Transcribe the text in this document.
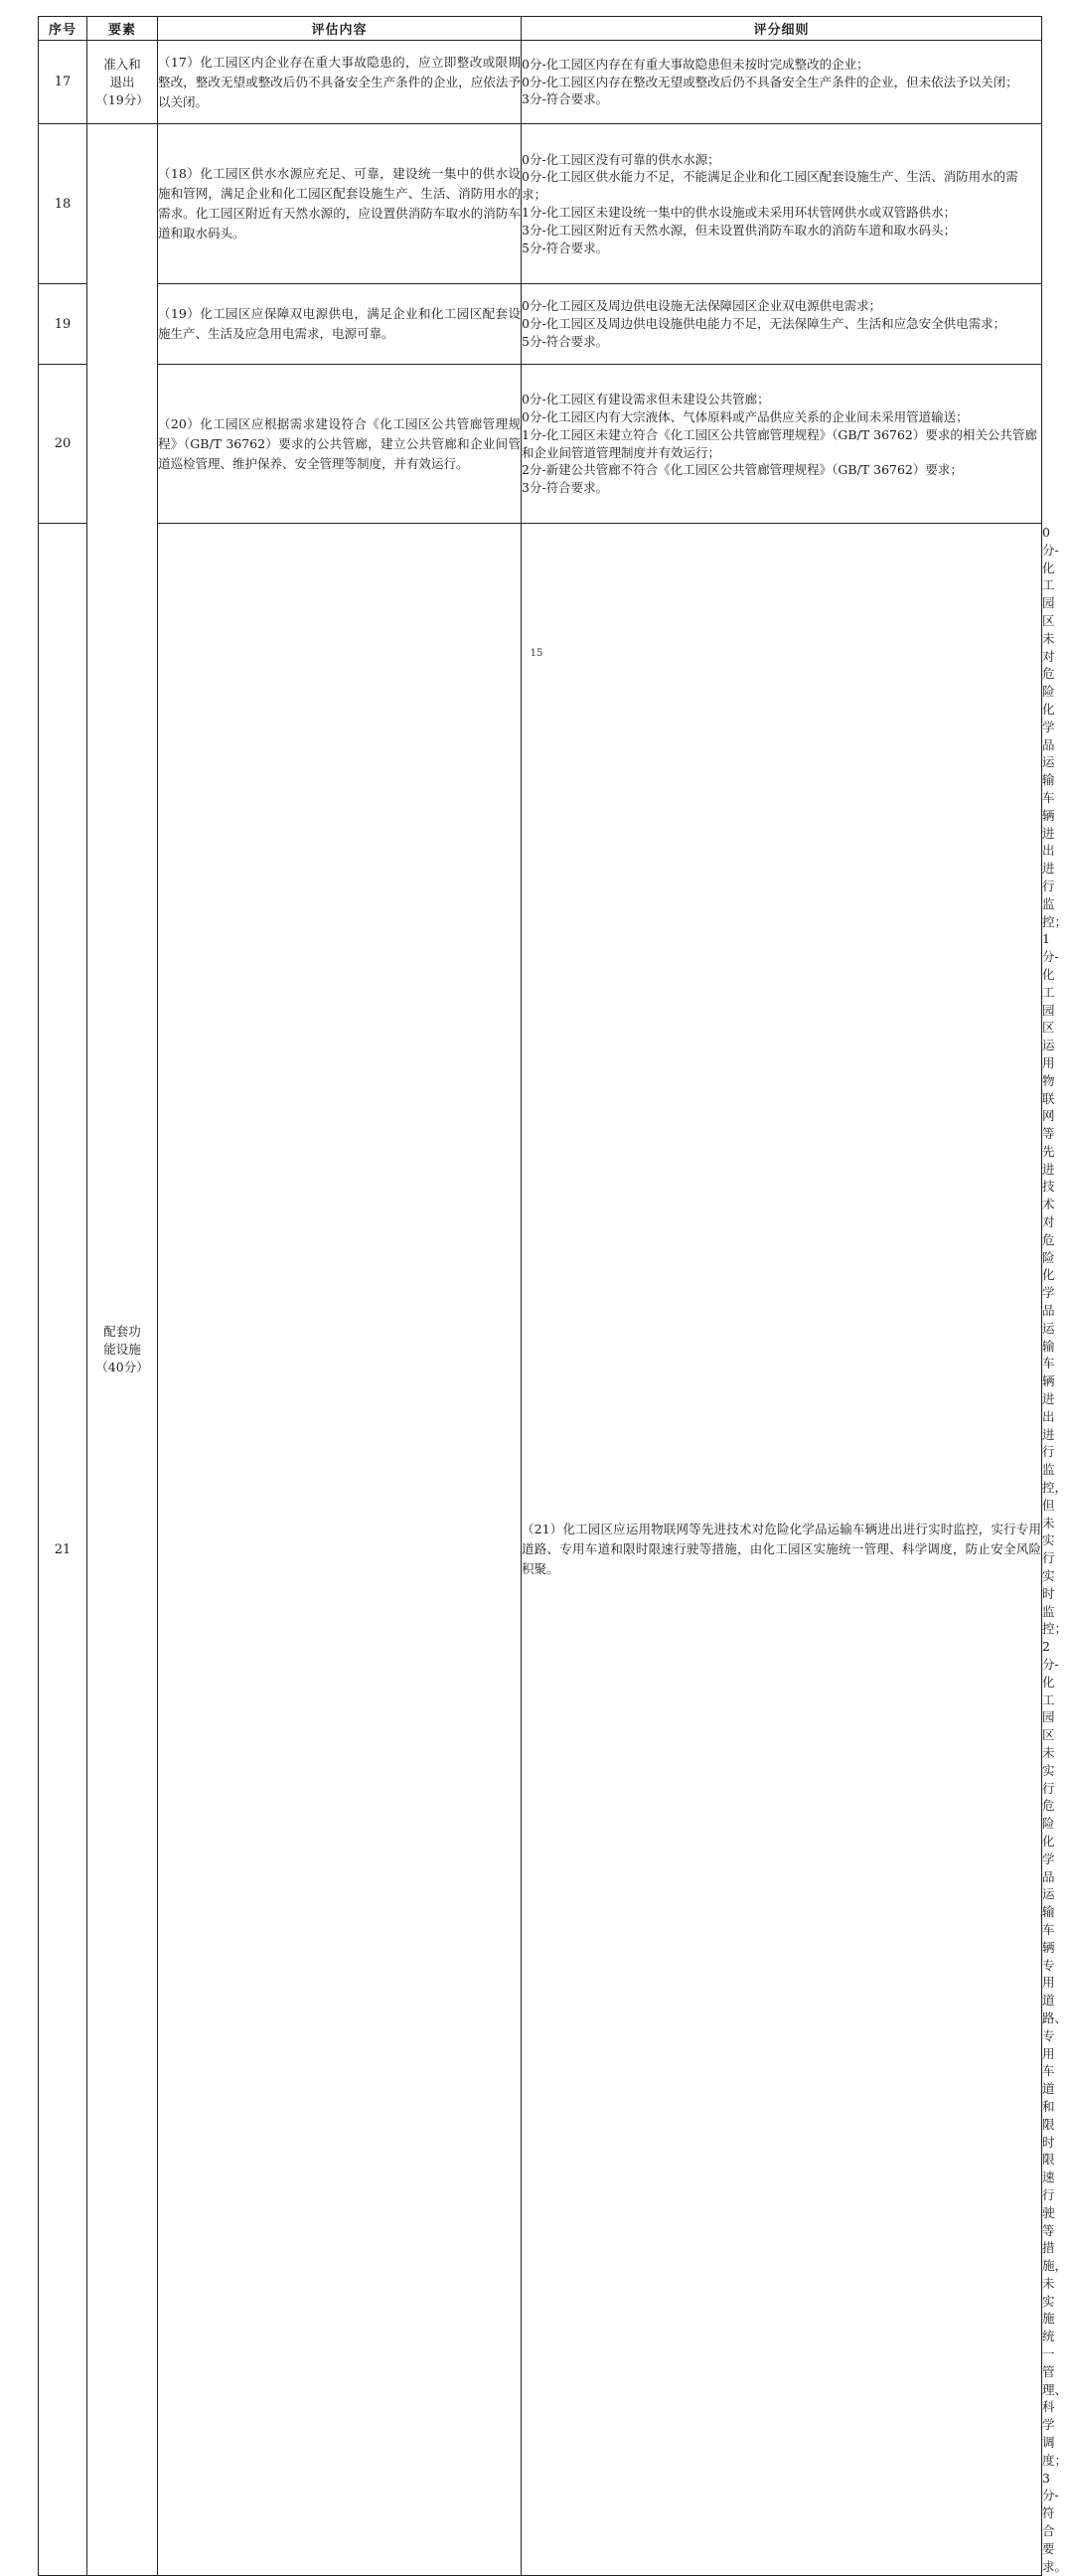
序号	要素	评估内容	评分细则	
17	准入和
退出
（19分）	（17）化工园区内企业存在重大事故隐患的，应立即整改或限期整改，整改无望或整改后仍不具备安全生产条件的企业，应依法予以关闭。	0分-化工园区内存在有重大事故隐患但未按时完成整改的企业；
0分-化工园区内存在整改无望或整改后仍不具备安全生产条件的企业，但未依法予以关闭；
3分-符合要求。	

18	配套功
能设施
（40分）	（18）化工园区供水水源应充足、可靠，建设统一集中的供水设施和管网，满足企业和化工园区配套设施生产、生活、消防用水的需求。化工园区附近有天然水源的，应设置供消防车取水的消防车道和取水码头。	0分-化工园区没有可靠的供水水源；
0分-化工园区供水能力不足，不能满足企业和化工园区配套设施生产、生活、消防用水的需求；
1分-化工园区未建设统一集中的供水设施或未采用环状管网供水或双管路供水；
3分-化工园区附近有天然水源，但未设置供消防车取水的消防车道和取水码头；
5分-符合要求。	

19		（19）化工园区应保障双电源供电，满足企业和化工园区配套设施生产、生活及应急用电需求，电源可靠。	0分-化工园区及周边供电设施无法保障园区企业双电源供电需求；
0分-化工园区及周边供电设施供电能力不足，无法保障生产、生活和应急安全供电需求；
5分-符合要求。	

20		（20）化工园区应根据需求建设符合《化工园区公共管廊管理规程》（GB/T 36762）要求的公共管廊，建立公共管廊和企业间管道巡检管理、维护保养、安全管理等制度，并有效运行。	0分-化工园区有建设需求但未建设公共管廊；
0分-化工园区内有大宗液体、气体原料或产品供应关系的企业间未采用管道输送；
1分-化工园区未建立符合《化工园区公共管廊管理规程》（GB/T 36762）要求的相关公共管廊和企业间管道管理制度并有效运行；
2分-新建公共管廊不符合《化工园区公共管廊管理规程》（GB/T 36762）要求；
3分-符合要求。	

21			（21）化工园区应运用物联网等先进技术对危险化学品运输车辆进出进行实时监控，实行专用道路、专用车道和限时限速行驶等措施，由化工园区实施统一管理、科学调度，防止安全风险积聚。	0分-化工园区未对危险化学品运输车辆进出进行监控；
1分-化工园区运用物联网等先进技术对危险化学品运输车辆进出进行监控，但未实行实时监控；
2分-化工园区未实行危险化学品运输车辆专用道路、专用车道和限时限速行驶等措施，未实施统一管理、科学调度；
3分-符合要求。
15
